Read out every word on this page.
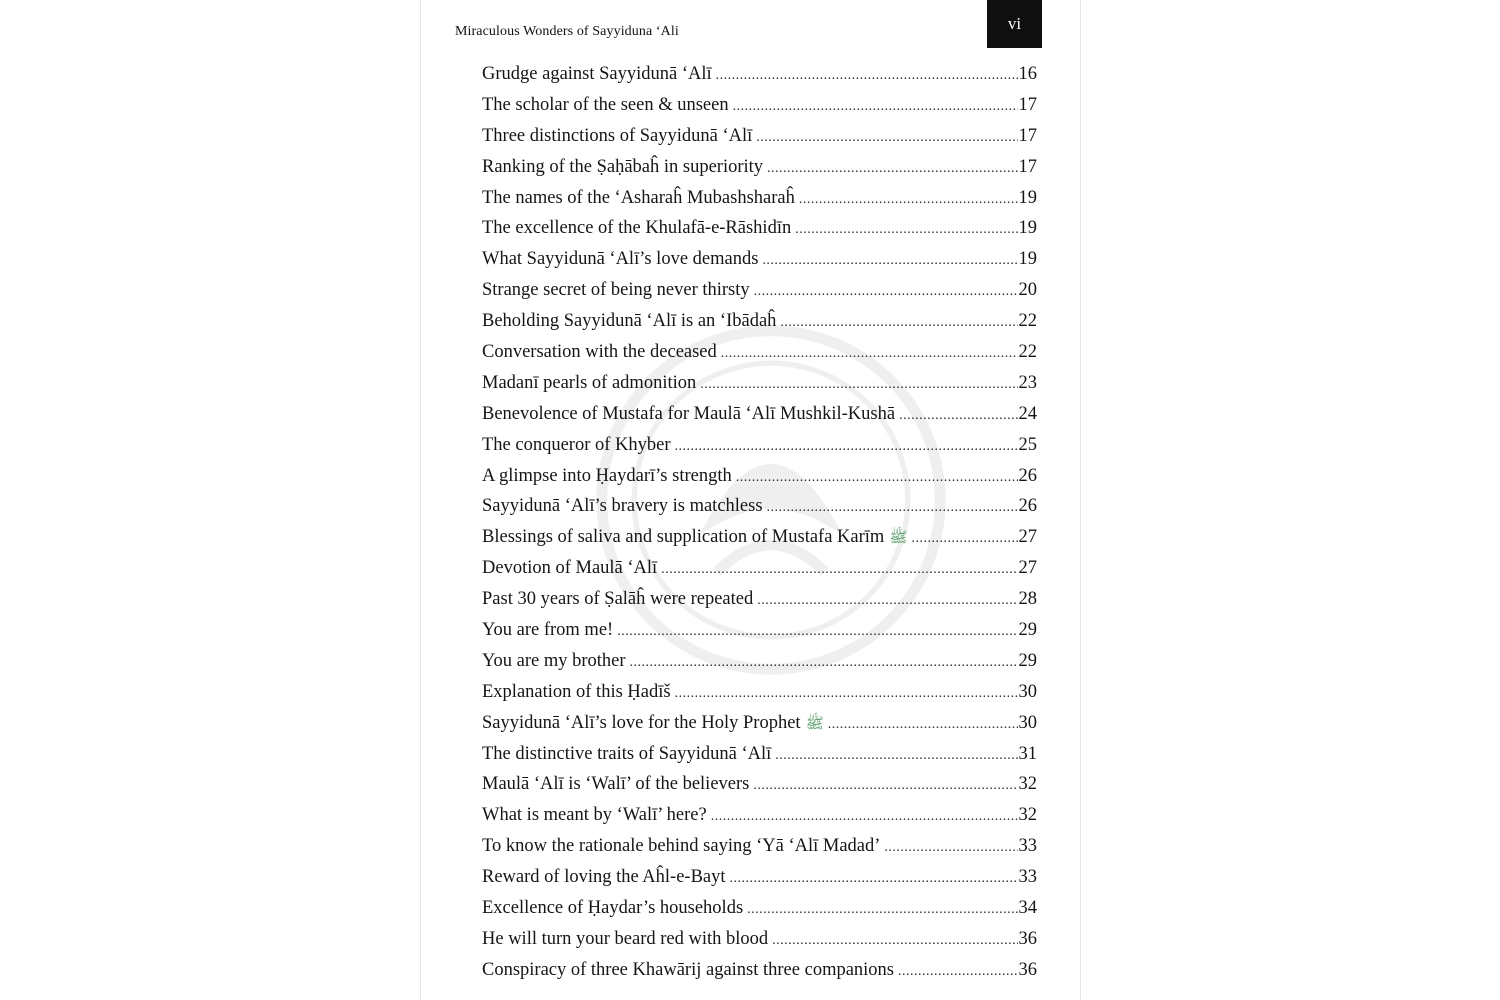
Miraculous Wonders of Sayyiduna ‘Ali	vi
Grudge against Sayyidunā ‘Alī .....	16
The scholar of the seen & unseen .....	17
Three distinctions of Sayyidunā ‘Alī .....	17
Ranking of the Ṣaḥābaĥ in superiority .....	17
The names of the ‘Asharaĥ Mubashsharaĥ .....	19
The excellence of the Khulafā-e-Rāshidīn .....	19
What Sayyidunā ‘Alī’s love demands .....	19
Strange secret of being never thirsty .....	20
Beholding Sayyidunā ‘Alī is an ‘Ibādaĥ .....	22
Conversation with the deceased .....	22
Madanī pearls of admonition .....	23
Benevolence of Mustafa for Maulā ‘Alī Mushkil-Kushā .....	24
The conqueror of Khyber .....	25
A glimpse into Ḥaydarī’s strength .....	26
Sayyidunā ‘Alī’s bravery is matchless .....	26
Blessings of saliva and supplication of Mustafa Karīm ﷺ .....	27
Devotion of Maulā ‘Alī .....	27
Past 30 years of Ṣalāĥ were repeated .....	28
You are from me! .....	29
You are my brother .....	29
Explanation of this Ḥadīš .....	30
Sayyidunā ‘Alī’s love for the Holy Prophet ﷺ .....	30
The distinctive traits of Sayyidunā ‘Alī .....	31
Maulā ‘Alī is ‘Walī’ of the believers .....	32
What is meant by ‘Walī’ here? .....	32
To know the rationale behind saying ‘Yā ‘Alī Madad’ .....	33
Reward of loving the Aĥl-e-Bayt .....	33
Excellence of Ḥaydar’s households .....	34
He will turn your beard red with blood .....	36
Conspiracy of three Khawārij against three companions .....	36
